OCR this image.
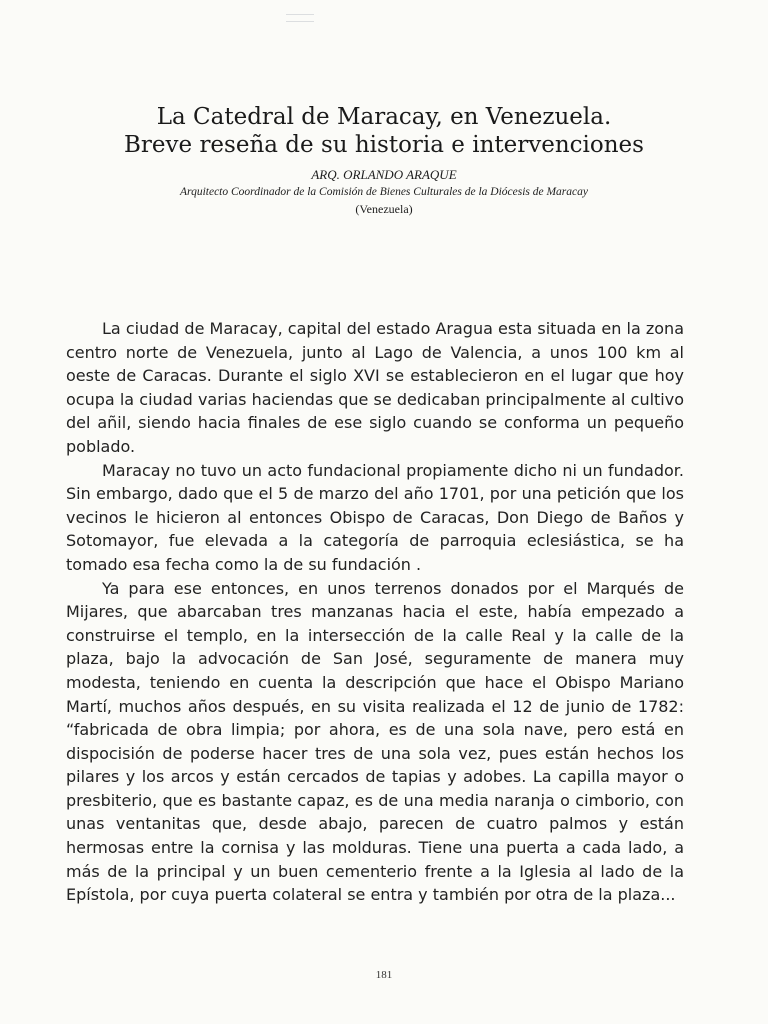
La Catedral de Maracay, en Venezuela.
Breve reseña de su historia e intervenciones

ARQ. ORLANDO ARAQUE

Arquitecto Coordinador de la Comisión de Bienes Culturales de la Diócesis de Maracay

(Venezuela)

La ciudad de Maracay, capital del estado Aragua esta situada en la zona centro norte de Venezuela, junto al Lago de Valencia, a unos 100 km al oeste de Caracas. Durante el siglo XVI se establecieron en el lugar que hoy ocupa la ciudad varias haciendas que se dedicaban principalmente al cultivo del añil, siendo hacia finales de ese siglo cuando se conforma un pequeño poblado.

Maracay no tuvo un acto fundacional propiamente dicho ni un fundador. Sin embargo, dado que el 5 de marzo del año 1701, por una petición que los vecinos le hicieron al entonces Obispo de Caracas, Don Diego de Baños y Sotomayor, fue elevada a la categoría de parroquia eclesiástica, se ha tomado esa fecha como la de su fundación .

Ya para ese entonces, en unos terrenos donados por el Marqués de Mijares, que abarcaban tres manzanas hacia el este, había empezado a construirse el templo, en la intersección de la calle Real y la calle de la plaza, bajo la advocación de San José, seguramente de manera muy modesta, teniendo en cuenta la descripción que hace el Obispo Mariano Martí, muchos años después, en su visita realizada el 12 de junio de 1782: “fabricada de obra limpia; por ahora, es de una sola nave, pero está en dispocisión de poderse hacer tres de una sola vez, pues están hechos los pilares y los arcos y están cercados de tapias y adobes. La capilla mayor o presbiterio, que es bastante capaz, es de una media naranja o cimborio, con unas ventanitas que, desde abajo, parecen de cuatro palmos y están hermosas entre la cornisa y las molduras. Tiene una puerta a cada lado, a más de la principal y un buen cementerio frente a la Iglesia al lado de la Epístola, por cuya puerta colateral se entra y también por otra de la plaza...

181
